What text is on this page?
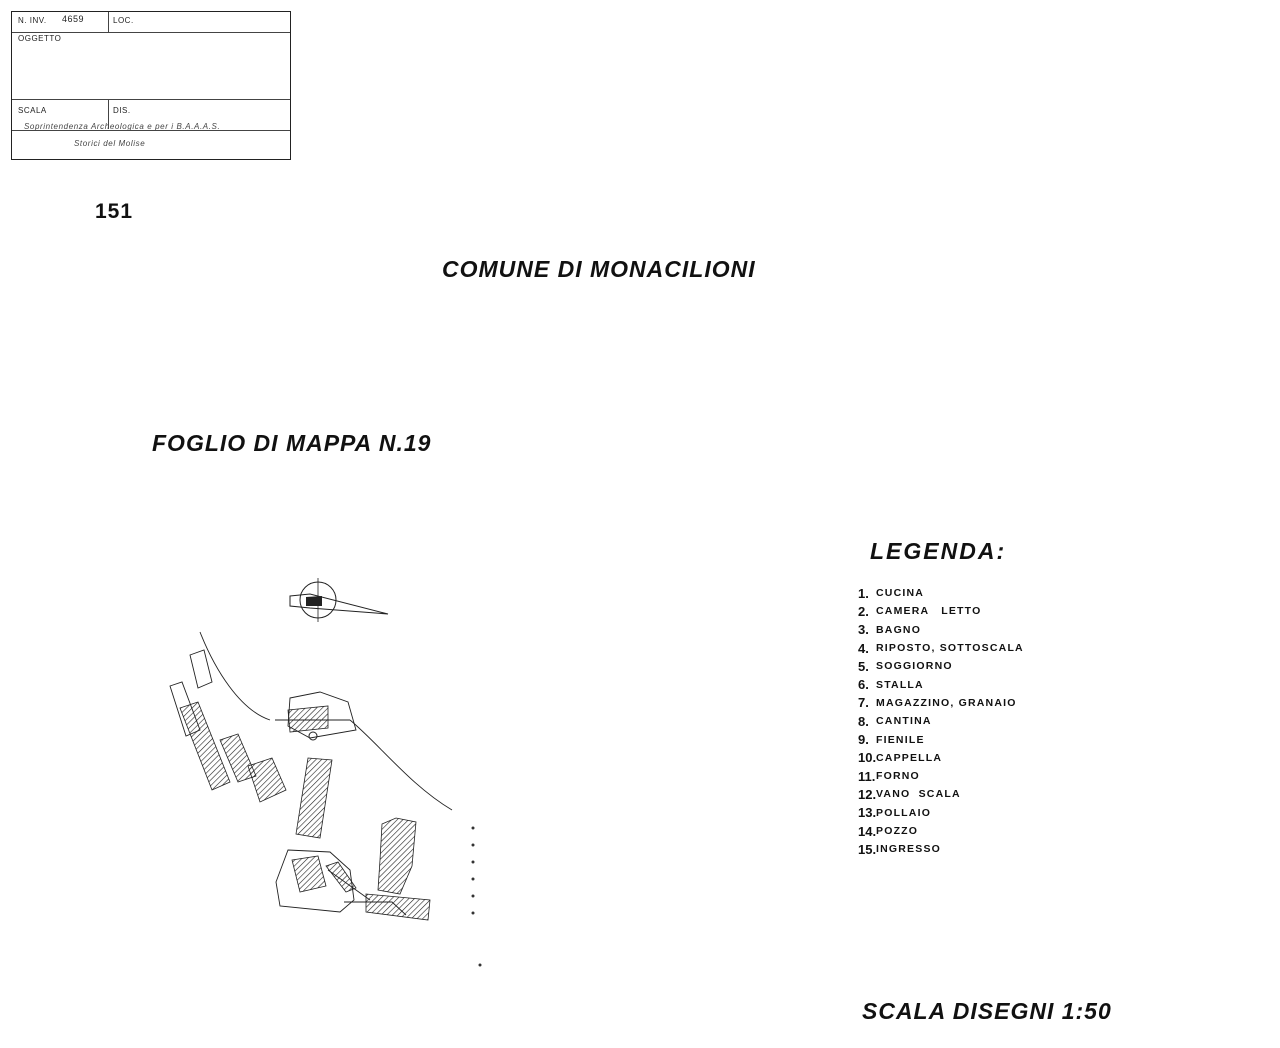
N. INV. 4659	LOC.
OGGETTO
SCALA	DIS.
Soprintendenza Archeologica e per i B.A.A.A.S.
Storici del Molise
151
COMUNE DI MONACILIONI
FOGLIO DI MAPPA N.19
LEGENDA:
1. CUCINA
2. CAMERA   LETTO
3. BAGNO
4. RIPOSTO, SOTTOSCALA
5. SOGGIORNO
6. STALLA
7. MAGAZZINO, GRANAIO
8. CANTINA
9. FIENILE
10. CAPPELLA
11. FORNO
12. VANO  SCALA
13. POLLAIO
14. POZZO
15. INGRESSO
SCALA DISEGNI 1:50
